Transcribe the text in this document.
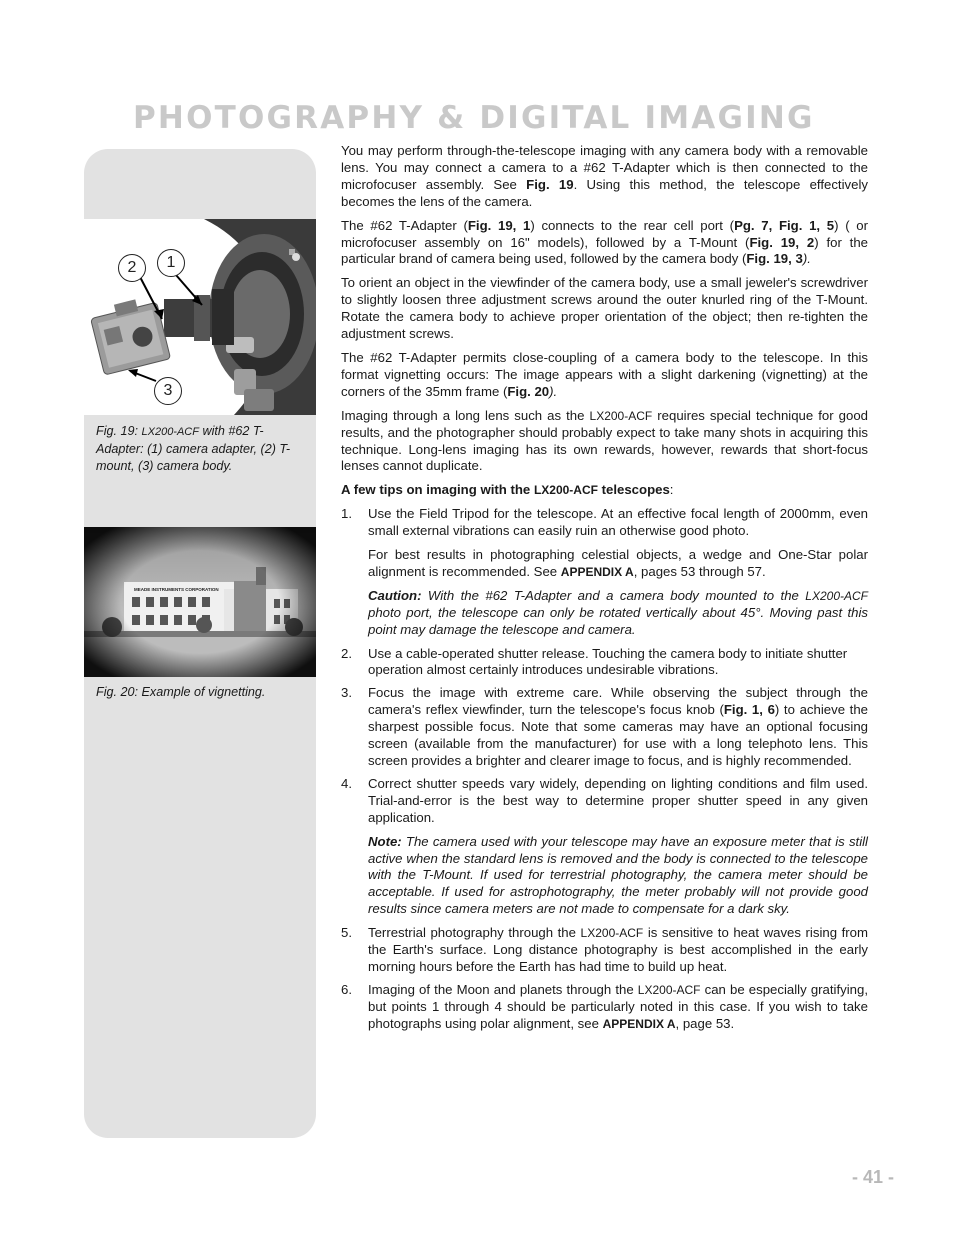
PHOTOGRAPHY & DIGITAL IMAGING
2	1
3
Fig. 19: LX200-ACF with #62 T-Adapter: (1) camera adapter, (2) T-mount, (3) camera body.
Fig. 20: Example of vignetting.

You may perform through-the-telescope imaging with any camera body with a removable lens. You may connect a camera to a #62 T-Adapter which is then connected to the microfocuser assembly. See Fig. 19. Using this method, the telescope effectively becomes the lens of the camera.

The #62 T-Adapter (Fig. 19, 1) connects to the rear cell port (Pg. 7, Fig. 1, 5) ( or microfocuser assembly on 16" models), followed by a T-Mount (Fig. 19, 2) for the particular brand of camera being used, followed by the camera body (Fig. 19, 3).

To orient an object in the viewfinder of the camera body, use a small jeweler's screwdriver to slightly loosen three adjustment screws around the outer knurled ring of the T-Mount. Rotate the camera body to achieve proper orientation of the object; then re-tighten the adjustment screws.

The #62 T-Adapter permits close-coupling of a camera body to the telescope. In this format vignetting occurs: The image appears with a slight darkening (vignetting) at the corners of the 35mm frame (Fig. 20).

Imaging through a long lens such as the LX200-ACF requires special technique for good results, and the photographer should probably expect to take many shots in acquiring this technique. Long-lens imaging has its own rewards, however, rewards that short-focus lenses cannot duplicate.

A few tips on imaging with the LX200-ACF telescopes:
1. Use the Field Tripod for the telescope. At an effective focal length of 2000mm, even small external vibrations can easily ruin an otherwise good photo.

For best results in photographing celestial objects, a wedge and One-Star polar alignment is recommended. See APPENDIX A, pages 53 through 57.

Caution: With the #62 T-Adapter and a camera body mounted to the LX200-ACF photo port, the telescope can only be rotated vertically about 45°. Moving past this point may damage the telescope and camera.

2. Use a cable-operated shutter release. Touching the camera body to initiate shutter operation almost certainly introduces undesirable vibrations.
3. Focus the image with extreme care. While observing the subject through the camera's reflex viewfinder, turn the telescope's focus knob (Fig. 1, 6) to achieve the sharpest possible focus. Note that some cameras may have an optional focusing screen (available from the manufacturer) for use with a long telephoto lens. This screen provides a brighter and clearer image to focus, and is highly recommended.
4. Correct shutter speeds vary widely, depending on lighting conditions and film used. Trial-and-error is the best way to determine proper shutter speed in any given application.

Note: The camera used with your telescope may have an exposure meter that is still active when the standard lens is removed and the body is connected to the telescope with the T-Mount. If used for terrestrial photography, the camera meter should be acceptable. If used for astrophotography, the meter probably will not provide good results since camera meters are not made to compensate for a dark sky.

5. Terrestrial photography through the LX200-ACF is sensitive to heat waves rising from the Earth's surface. Long distance photography is best accomplished in the early morning hours before the Earth has had time to build up heat.
6. Imaging of the Moon and planets through the LX200-ACF can be especially gratifying, but points 1 through 4 should be particularly noted in this case. If you wish to take photographs using polar alignment, see APPENDIX A, page 53.
- 41 -
